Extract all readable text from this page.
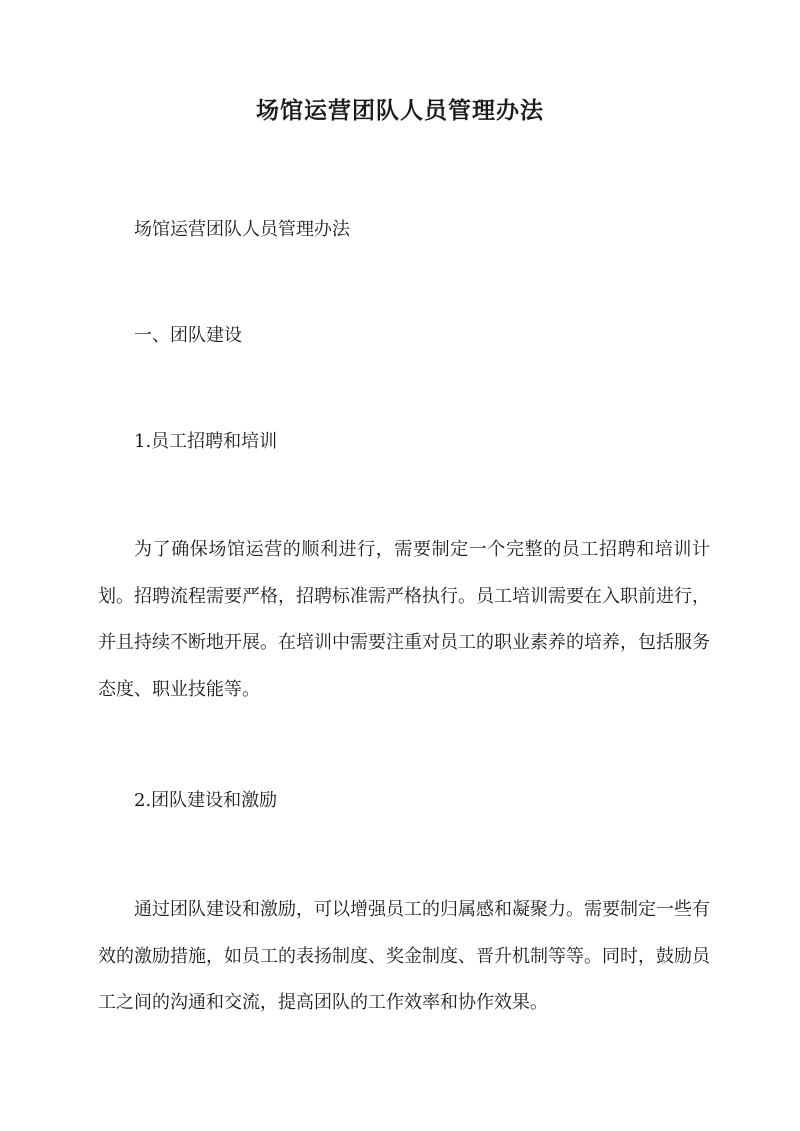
场馆运营团队人员管理办法
场馆运营团队人员管理办法
一、团队建设
1.员工招聘和培训
为了确保场馆运营的顺利进行，需要制定一个完整的员工招聘和培训计划。招聘流程需要严格，招聘标准需严格执行。员工培训需要在入职前进行，并且持续不断地开展。在培训中需要注重对员工的职业素养的培养，包括服务态度、职业技能等。
2.团队建设和激励
通过团队建设和激励，可以增强员工的归属感和凝聚力。需要制定一些有效的激励措施，如员工的表扬制度、奖金制度、晋升机制等等。同时，鼓励员工之间的沟通和交流，提高团队的工作效率和协作效果。
